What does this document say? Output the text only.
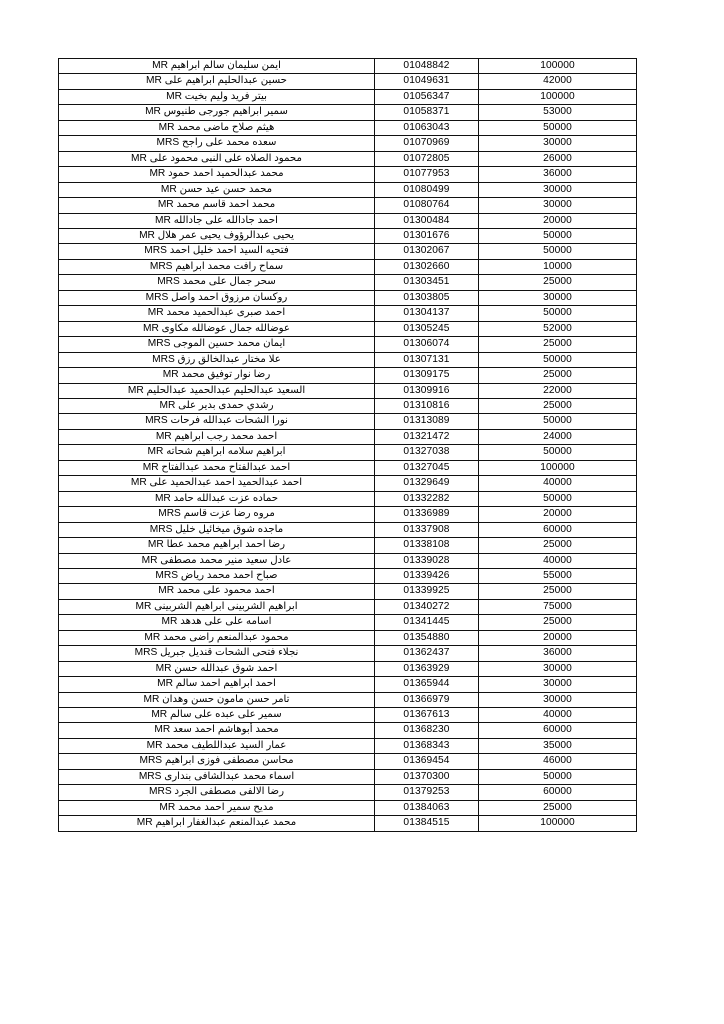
ايمن سليمان سالم ابراهيم MR	01048842	100000
حسين عبدالحليم ابراهيم على MR	01049631	42000
بيتر فريد وليم بخيت MR	01056347	100000
سمير ابراهيم جورجى طنيوس MR	01058371	53000
هيثم صلاح ماضى محمد MR	01063043	50000
سعده محمد على راجح MRS	01070969	30000
محمود الصلاه على النبى محمود على MR	01072805	26000
محمد عبدالحميد احمد حمود MR	01077953	36000
محمد حسن عيد حسن MR	01080499	30000
محمد احمد قاسم محمد MR	01080764	30000
احمد جادالله على جادالله MR	01300484	20000
يحيى عبدالرؤوف يحيى عمر هلال MR	01301676	50000
فتحيه السيد احمد خليل احمد MRS	01302067	50000
سماح رافت محمد ابراهيم MRS	01302660	10000
سحر جمال على محمد MRS	01303451	25000
روكسان مرزوق احمد واصل MRS	01303805	30000
احمد صبرى عبدالحميد محمد MR	01304137	50000
عوضالله جمال عوضالله مكاوى MR	01305245	52000
ايمان محمد حسين الموجى MRS	01306074	25000
علا مختار عبدالخالق رزق MRS	01307131	50000
رضا نوار توفيق محمد MR	01309175	25000
السعيد عبدالحليم عبدالحميد عبدالحليم MR	01309916	22000
رشدي حمدى بدير على MR	01310816	25000
نورا الشحات عبدالله فرحات MRS	01313089	50000
احمد محمد رجب ابراهيم MR	01321472	24000
ابراهيم سلامه ابراهيم شحاته MR	01327038	50000
احمد عبدالفتاح محمد عبدالفتاح MR	01327045	100000
احمد عبدالحميد احمد عبدالحميد على MR	01329649	40000
حماده عزت عبدالله حامد MR	01332282	50000
مروه رضا عزت قاسم MRS	01336989	20000
ماجده شوق ميخائيل خليل MRS	01337908	60000
رضا احمد ابراهيم محمد عطا MR	01338108	25000
عادل سعيد منير محمد مصطفى MR	01339028	40000
صباح احمد محمد رياض MRS	01339426	55000
احمد محمود على محمد MR	01339925	25000
ابراهيم الشربينى ابراهيم الشربينى MR	01340272	75000
اسامه على على هدهد MR	01341445	25000
محمود عبدالمنعم راضى محمد MR	01354880	20000
نجلاء فتحى الشحات قنديل جبريل MRS	01362437	36000
احمد شوق عبدالله حسن MR	01363929	30000
احمد ابراهيم احمد سالم MR	01365944	30000
تامر حسن مامون حسن وهدان MR	01366979	30000
سمير على عبده على سالم MR	01367613	40000
محمد أبوهاشم احمد سعد MR	01368230	60000
عمار السيد عبداللطيف محمد MR	01368343	35000
محاسن مصطفى فوزى ابراهيم MRS	01369454	46000
اسماء محمد عبدالشافى بندارى MRS	01370300	50000
رضا الالفى مصطفى الجرد MRS	01379253	60000
مديح سمير احمد محمد MR	01384063	25000
محمد عبدالمنعم عبدالغفار ابراهيم MR	01384515	100000
